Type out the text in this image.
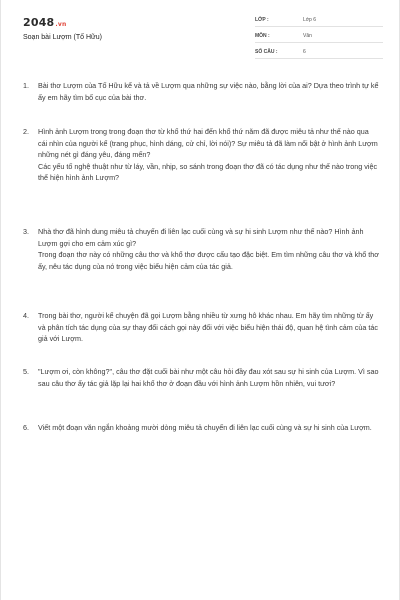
2048.vn
Soạn bài Lượm (Tố Hữu)
LỚP :	Lớp 6
MÔN :	Văn
SỐ CÂU :	6
1.	Bài thơ Lượm của Tố Hữu kể và tả về Lượm qua những sự việc nào, bằng lời của ai? Dựa theo trình tự kể ấy em hãy tìm bố cục của bài thơ.

2.	Hình ảnh Lượm trong trong đoạn thơ từ khổ thứ hai đến khổ thứ năm đã được miêu tả như thế nào qua cái nhìn của người kể (trang phục, hình dáng, cử chỉ, lời nói)? Sự miêu tả đã làm nổi bật ở hình ảnh Lượm những nét gì đáng yêu, đáng mến?

Các yếu tố nghệ thuật như từ láy, vần, nhịp, so sánh trong đoạn thơ đã có tác dụng như thế nào trong việc thể hiện hình ảnh Lượm?

3.	Nhà thơ đã hình dung miêu tả chuyến đi liên lạc cuối cùng và sự hi sinh Lượm như thế nào? Hình ảnh Lượm gợi cho em cảm xúc gì?

Trong đoạn thơ này có những câu thơ và khổ thơ được cấu tạo đặc biệt. Em tìm những câu thơ và khổ thơ ấy, nêu tác dụng của nó trong việc biểu hiện cảm của tác giả.

4.	Trong bài thơ, người kể chuyện đã gọi Lượm bằng nhiều từ xưng hô khác nhau. Em hãy tìm những từ ấy và phân tích tác dụng của sự thay đổi cách gọi này đối với việc biểu hiện thái độ, quan hệ tình cảm của tác giả với Lượm.

5.	"Lượm ơi, còn không?", câu thơ đặt cuối bài như một câu hỏi đầy đau xót sau sự hi sinh của Lượm. Vì sao sau câu thơ ấy tác giả lặp lại hai khổ thơ ở đoạn đầu với hình ảnh Lượm hồn nhiên, vui tươi?

6.	Viết một đoạn văn ngắn khoảng mười dòng miêu tả chuyến đi liên lạc cuối cùng và sự hi sinh của Lượm.
